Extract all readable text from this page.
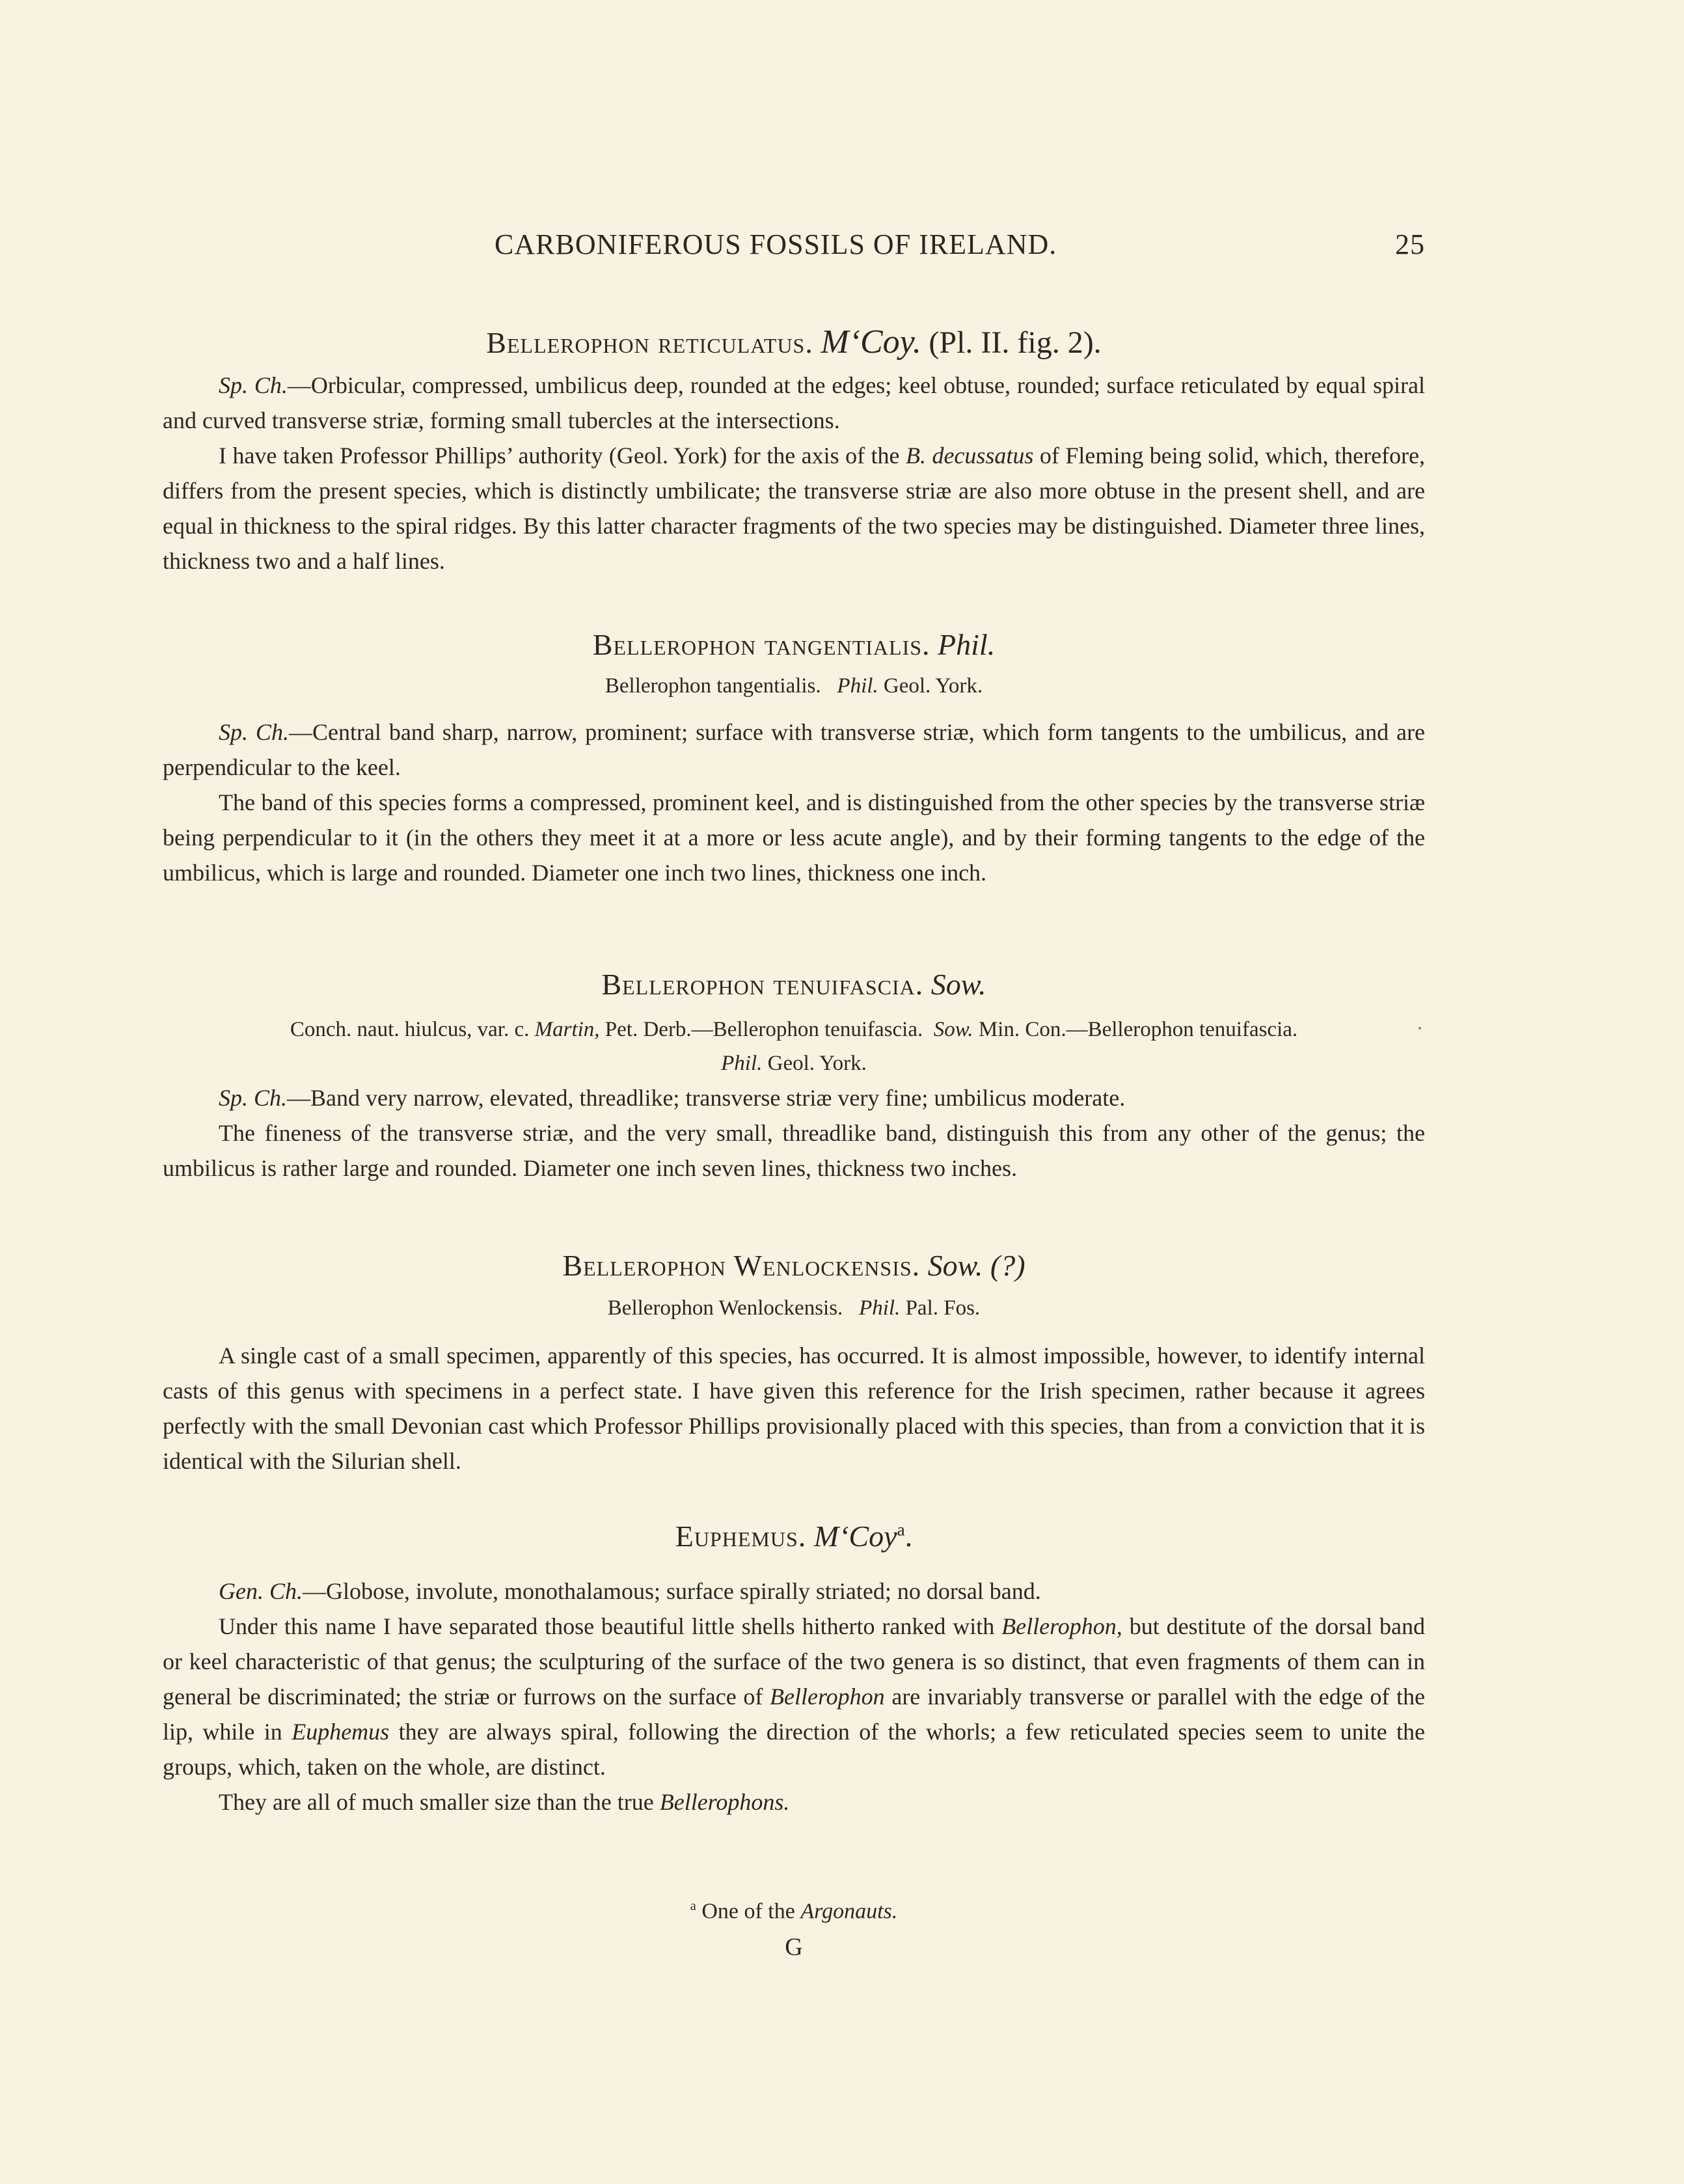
CARBONIFEROUS FOSSILS OF IRELAND.	25
Bellerophon reticulatus. M‘Coy. (Pl. II. fig. 2).

Sp. Ch.—Orbicular, compressed, umbilicus deep, rounded at the edges; keel obtuse, rounded; surface reticulated by equal spiral and curved transverse striæ, forming small tubercles at the intersections.

I have taken Professor Phillips’ authority (Geol. York) for the axis of the B. decussatus of Fleming being solid, which, therefore, differs from the present species, which is distinctly umbilicate; the transverse striæ are also more obtuse in the present shell, and are equal in thickness to the spiral ridges. By this latter character fragments of the two species may be distinguished. Diameter three lines, thickness two and a half lines.

Bellerophon tangentialis. Phil.
Bellerophon tangentialis. Phil. Geol. York.

Sp. Ch.—Central band sharp, narrow, prominent; surface with transverse striæ, which form tangents to the umbilicus, and are perpendicular to the keel.

The band of this species forms a compressed, prominent keel, and is distinguished from the other species by the transverse striæ being perpendicular to it (in the others they meet it at a more or less acute angle), and by their forming tangents to the edge of the umbilicus, which is large and rounded. Diameter one inch two lines, thickness one inch.

Bellerophon tenuifascia. Sow.
Conch. naut. hiulcus, var. c. Martin, Pet. Derb.—Bellerophon tenuifascia. Sow. Min. Con.—Bellerophon tenuifascia.
Phil. Geol. York.

Sp. Ch.—Band very narrow, elevated, threadlike; transverse striæ very fine; umbilicus moderate.

The fineness of the transverse striæ, and the very small, threadlike band, distinguish this from any other of the genus; the umbilicus is rather large and rounded. Diameter one inch seven lines, thickness two inches.

Bellerophon Wenlockensis. Sow. (?)
Bellerophon Wenlockensis. Phil. Pal. Fos.

A single cast of a small specimen, apparently of this species, has occurred. It is almost impossible, however, to identify internal casts of this genus with specimens in a perfect state. I have given this reference for the Irish specimen, rather because it agrees perfectly with the small Devonian cast which Professor Phillips provisionally placed with this species, than from a conviction that it is identical with the Silurian shell.

Euphemus. M‘Coy$^a$.

Gen. Ch.—Globose, involute, monothalamous; surface spirally striated; no dorsal band.

Under this name I have separated those beautiful little shells hitherto ranked with Bellerophon, but destitute of the dorsal band or keel characteristic of that genus; the sculpturing of the surface of the two genera is so distinct, that even fragments of them can in general be discriminated; the striæ or furrows on the surface of Bellerophon are invariably transverse or parallel with the edge of the lip, while in Euphemus they are always spiral, following the direction of the whorls; a few reticulated species seem to unite the groups, which, taken on the whole, are distinct.

They are all of much smaller size than the true Bellerophons.

$^a$ One of the Argonauts.
G
